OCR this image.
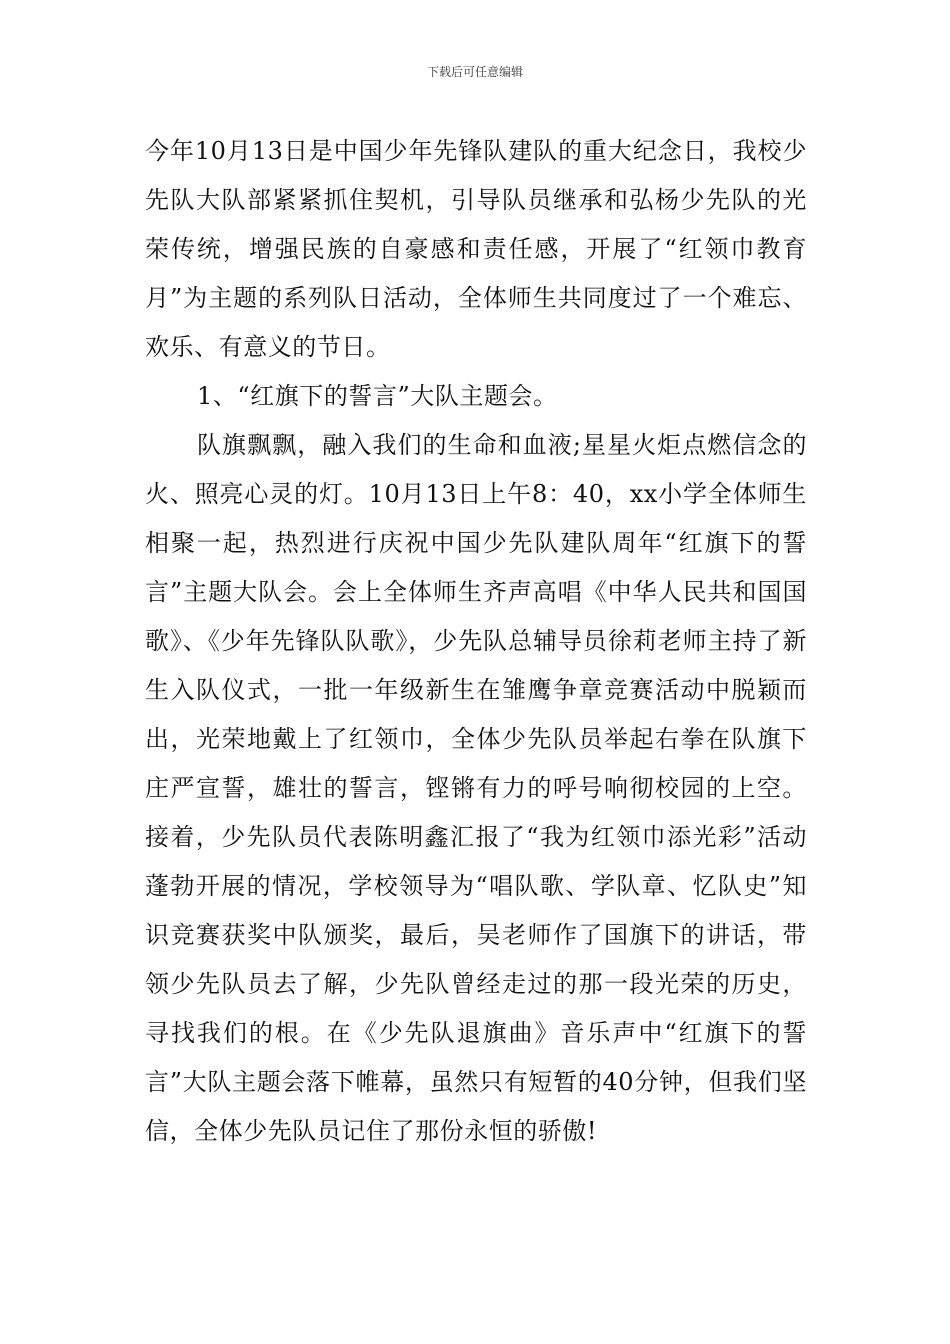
下载后可任意编辑

今年10月13日是中国少年先锋队建队的重大纪念日，我校少先队大队部紧紧抓住契机，引导队员继承和弘杨少先队的光荣传统，增强民族的自豪感和责任感，开展了“红领巾教育月”为主题的系列队日活动，全体师生共同度过了一个难忘、欢乐、有意义的节日。

1、“红旗下的誓言”大队主题会。

队旗飘飘，融入我们的生命和血液;星星火炬点燃信念的火、照亮心灵的灯。10月13日上午8：40，xx小学全体师生相聚一起，热烈进行庆祝中国少先队建队周年“红旗下的誓言”主题大队会。会上全体师生齐声高唱《中华人民共和国国歌》、《少年先锋队队歌》，少先队总辅导员徐莉老师主持了新生入队仪式，一批一年级新生在雏鹰争章竞赛活动中脱颖而出，光荣地戴上了红领巾，全体少先队员举起右拳在队旗下庄严宣誓，雄壮的誓言，铿锵有力的呼号响彻校园的上空。接着，少先队员代表陈明鑫汇报了“我为红领巾添光彩”活动蓬勃开展的情况，学校领导为“唱队歌、学队章、忆队史”知识竞赛获奖中队颁奖，最后，吴老师作了国旗下的讲话，带领少先队员去了解，少先队曾经走过的那一段光荣的历史，寻找我们的根。在《少先队退旗曲》音乐声中“红旗下的誓言”大队主题会落下帷幕，虽然只有短暂的40分钟，但我们坚信，全体少先队员记住了那份永恒的骄傲!
